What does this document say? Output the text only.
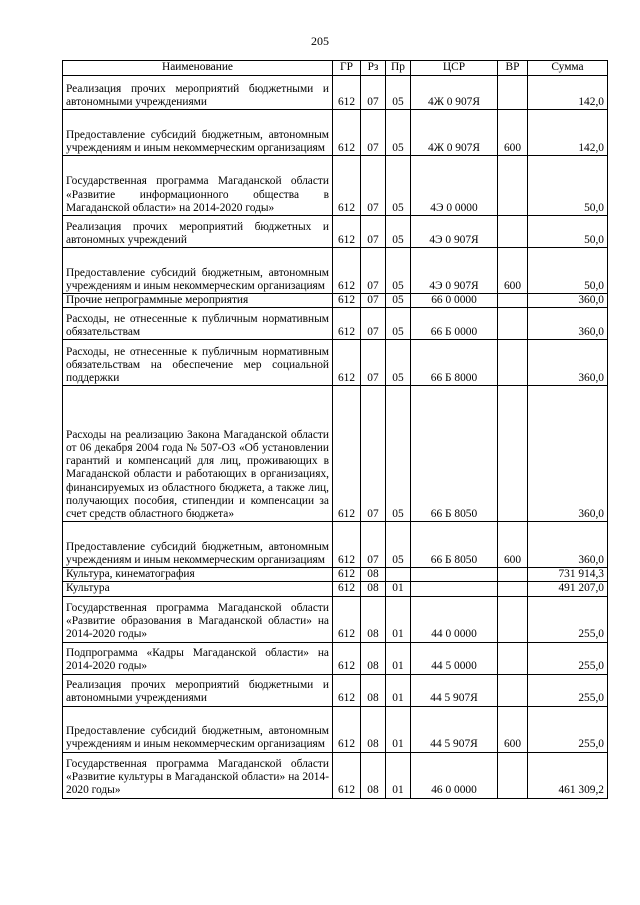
205
Наименование	ГР	Рз	Пр	ЦСР	ВР	Сумма
Реализация прочих мероприятий бюджетными и автономными учреждениями	612	07	05	4Ж 0 907Я		142,0
Предоставление субсидий бюджетным, автономным учреждениям и иным некоммерческим организациям	612	07	05	4Ж 0 907Я	600	142,0
Государственная программа Магаданской области «Развитие информационного общества в Магаданской области» на 2014-2020 годы»	612	07	05	4Э 0 0000		50,0
Реализация прочих мероприятий бюджетных и автономных учреждений	612	07	05	4Э 0 907Я		50,0
Предоставление субсидий бюджетным, автономным учреждениям и иным некоммерческим организациям	612	07	05	4Э 0 907Я	600	50,0
Прочие непрограммные мероприятия	612	07	05	66 0 0000		360,0
Расходы, не отнесенные к публичным нормативным обязательствам	612	07	05	66 Б 0000		360,0
Расходы, не отнесенные к публичным нормативным обязательствам на обеспечение мер социальной поддержки	612	07	05	66 Б 8000		360,0
Расходы на реализацию Закона Магаданской области от 06 декабря 2004 года № 507-ОЗ «Об установлении гарантий и компенсаций для лиц, проживающих в Магаданской области и работающих в организациях, финансируемых из областного бюджета, а также лиц, получающих пособия, стипендии и компенсации за счет средств областного бюджета»	612	07	05	66 Б 8050		360,0
Предоставление субсидий бюджетным, автономным учреждениям и иным некоммерческим организациям	612	07	05	66 Б 8050	600	360,0
Культура, кинематография	612	08				731 914,3
Культура	612	08	01			491 207,0
Государственная программа Магаданской области «Развитие образования в Магаданской области» на 2014-2020 годы»	612	08	01	44 0 0000		255,0
Подпрограмма «Кадры Магаданской области» на 2014-2020 годы»	612	08	01	44 5 0000		255,0
Реализация прочих мероприятий бюджетными и автономными учреждениями	612	08	01	44 5 907Я		255,0
Предоставление субсидий бюджетным, автономным учреждениям и иным некоммерческим организациям	612	08	01	44 5 907Я	600	255,0
Государственная программа Магаданской области «Развитие культуры в Магаданской области» на 2014-2020 годы»	612	08	01	46 0 0000		461 309,2
